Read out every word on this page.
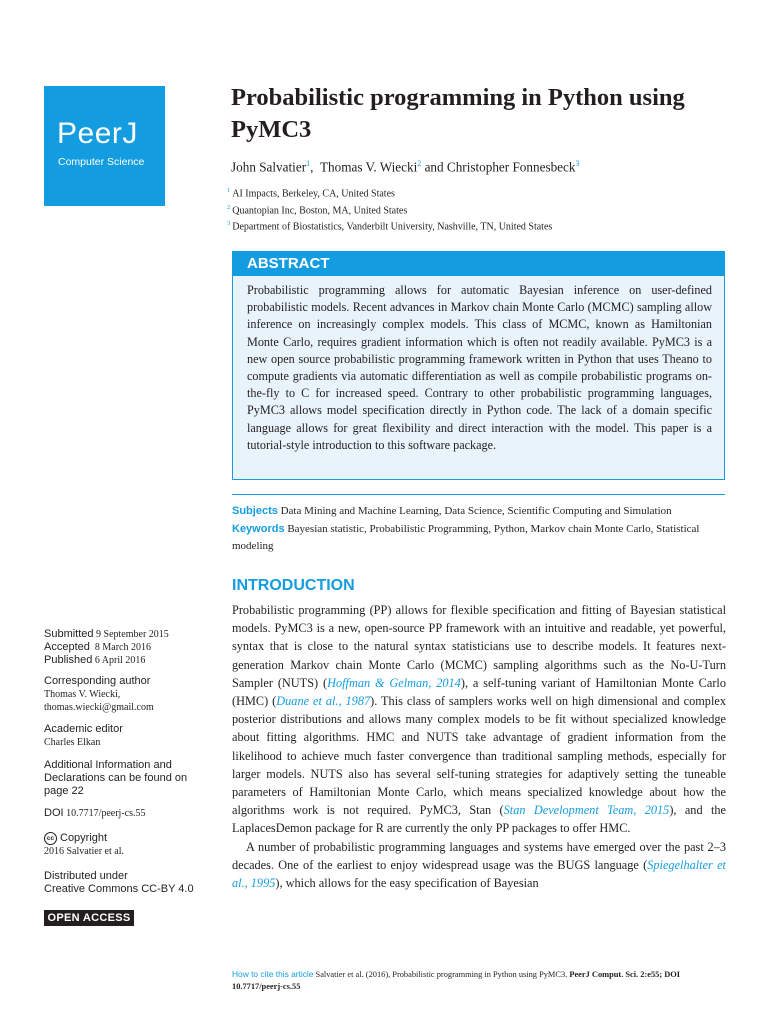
PeerJ
Computer Science
Probabilistic programming in Python using PyMC3
John Salvatier$^1$, Thomas V. Wiecki$^2$ and Christopher Fonnesbeck$^3$
$^1$ AI Impacts, Berkeley, CA, United States
$^2$ Quantopian Inc, Boston, MA, United States
$^3$ Department of Biostatistics, Vanderbilt University, Nashville, TN, United States
ABSTRACT
Probabilistic programming allows for automatic Bayesian inference on user-defined probabilistic models. Recent advances in Markov chain Monte Carlo (MCMC) sampling allow inference on increasingly complex models. This class of MCMC, known as Hamiltonian Monte Carlo, requires gradient information which is often not readily available. PyMC3 is a new open source probabilistic programming framework written in Python that uses Theano to compute gradients via automatic differentiation as well as compile probabilistic programs on-the-fly to C for increased speed. Contrary to other probabilistic programming languages, PyMC3 allows model specification directly in Python code. The lack of a domain specific language allows for great flexibility and direct interaction with the model. This paper is a tutorial-style introduction to this software package.
Subjects Data Mining and Machine Learning, Data Science, Scientific Computing and Simulation
Keywords Bayesian statistic, Probabilistic Programming, Python, Markov chain Monte Carlo, Statistical modeling
INTRODUCTION

Probabilistic programming (PP) allows for flexible specification and fitting of Bayesian statistical models. PyMC3 is a new, open-source PP framework with an intuitive and readable, yet powerful, syntax that is close to the natural syntax statisticians use to describe models. It features next-generation Markov chain Monte Carlo (MCMC) sampling algorithms such as the No-U-Turn Sampler (NUTS) (Hoffman & Gelman, 2014), a self-tuning variant of Hamiltonian Monte Carlo (HMC) (Duane et al., 1987). This class of samplers works well on high dimensional and complex posterior distributions and allows many complex models to be fit without specialized knowledge about fitting algorithms. HMC and NUTS take advantage of gradient information from the likelihood to achieve much faster convergence than traditional sampling methods, especially for larger models. NUTS also has several self-tuning strategies for adaptively setting the tuneable parameters of Hamiltonian Monte Carlo, which means specialized knowledge about how the algorithms work is not required. PyMC3, Stan (Stan Development Team, 2015), and the LaplacesDemon package for R are currently the only PP packages to offer HMC.

A number of probabilistic programming languages and systems have emerged over the past 2–3 decades. One of the earliest to enjoy widespread usage was the BUGS language (Spiegelhalter et al., 1995), which allows for the easy specification of Bayesian

Submitted 9 September 2015
Accepted 8 March 2016
Published 6 April 2016
Corresponding author
Thomas V. Wiecki,
thomas.wiecki@gmail.com
Academic editor
Charles Elkan
Additional Information and Declarations can be found on page 22
DOI 10.7717/peerj-cs.55
cc Copyright
2016 Salvatier et al.
Distributed under
Creative Commons CC-BY 4.0
OPEN ACCESS
How to cite this article Salvatier et al. (2016), Probabilistic programming in Python using PyMC3. PeerJ Comput. Sci. 2:e55; DOI 10.7717/peerj-cs.55
